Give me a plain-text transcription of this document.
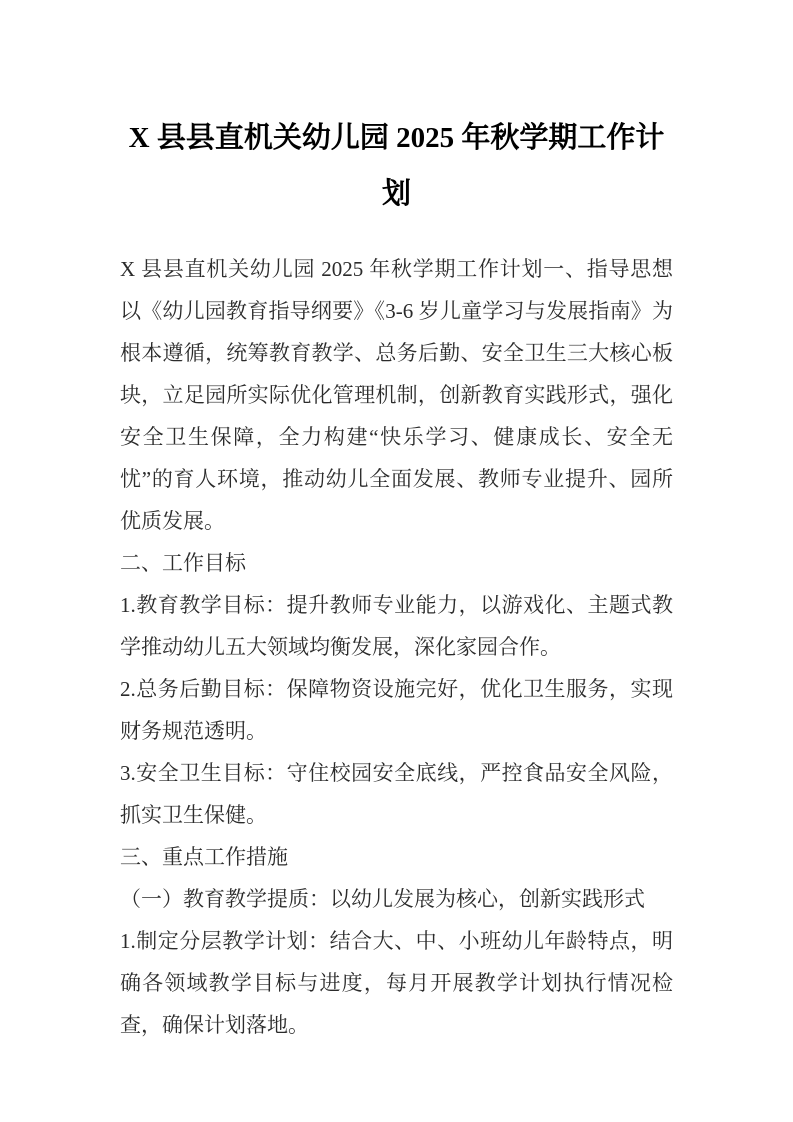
X 县县直机关幼儿园 2025 年秋学期工作计
划

X 县县直机关幼儿园 2025 年秋学期工作计划一、指导思想以《幼儿园教育指导纲要》《3-6 岁儿童学习与发展指南》为根本遵循，统筹教育教学、总务后勤、安全卫生三大核心板块，立足园所实际优化管理机制，创新教育实践形式，强化安全卫生保障，全力构建“快乐学习、健康成长、安全无忧”的育人环境，推动幼儿全面发展、教师专业提升、园所优质发展。

二、工作目标

1.教育教学目标：提升教师专业能力，以游戏化、主题式教学推动幼儿五大领域均衡发展，深化家园合作。

2.总务后勤目标：保障物资设施完好，优化卫生服务，实现财务规范透明。

3.安全卫生目标：守住校园安全底线，严控食品安全风险，抓实卫生保健。

三、重点工作措施

（一）教育教学提质：以幼儿发展为核心，创新实践形式

1.制定分层教学计划：结合大、中、小班幼儿年龄特点，明确各领域教学目标与进度，每月开展教学计划执行情况检查，确保计划落地。
